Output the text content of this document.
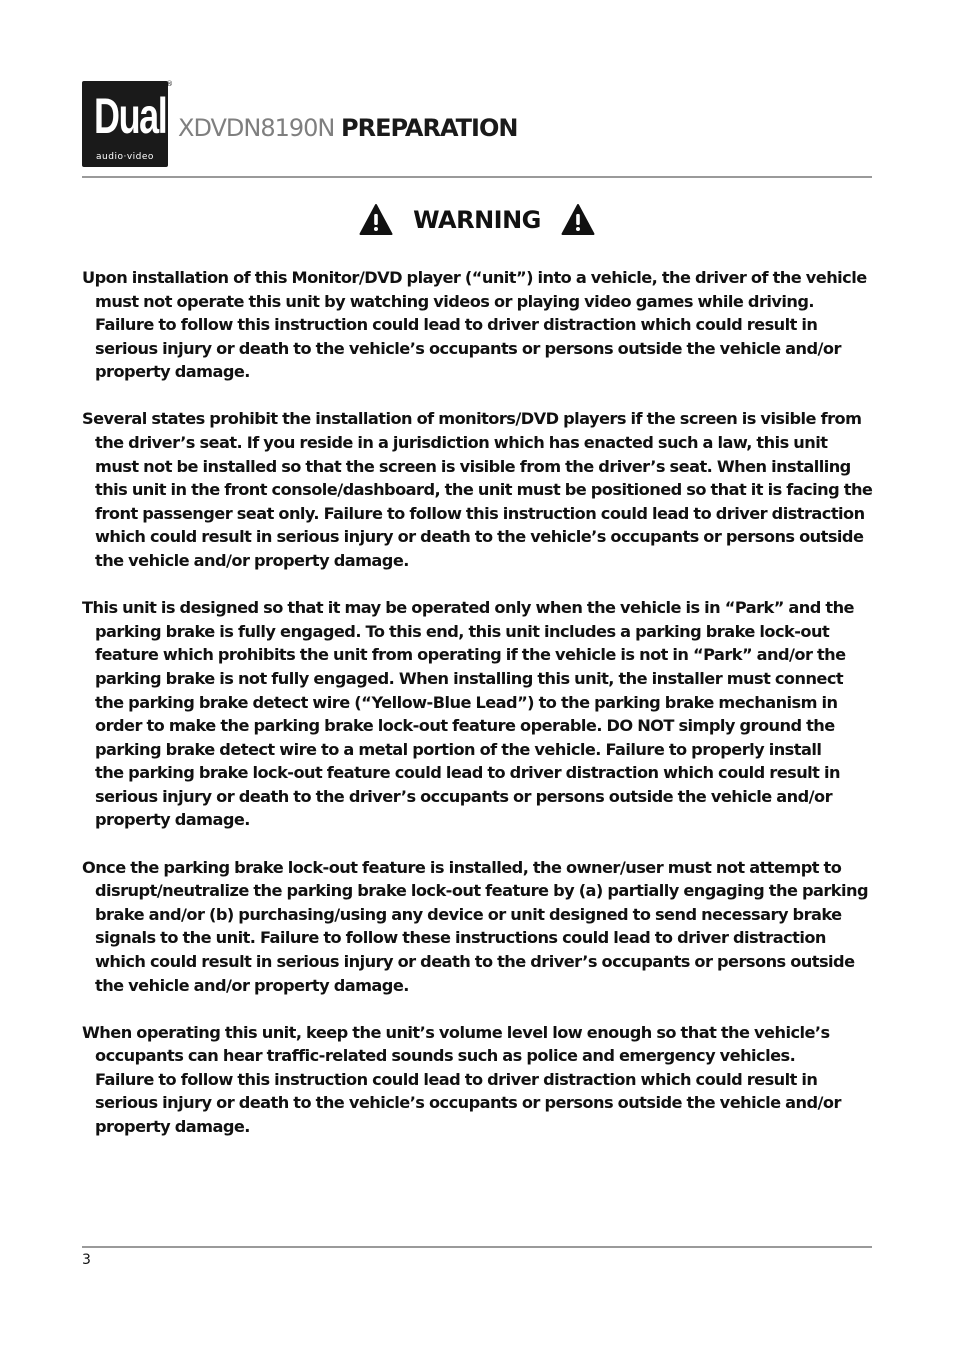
Dual
audio·video
®
XDVDN8190N PREPARATION
WARNING

Upon installation of this Monitor/DVD player (“unit”) into a vehicle, the driver of the vehicle
must not operate this unit by watching videos or playing video games while driving.
Failure to follow this instruction could lead to driver distraction which could result in
serious injury or death to the vehicle’s occupants or persons outside the vehicle and/or
property damage.

Several states prohibit the installation of monitors/DVD players if the screen is visible from
the driver’s seat. If you reside in a jurisdiction which has enacted such a law, this unit
must not be installed so that the screen is visible from the driver’s seat. When installing
this unit in the front console/dashboard, the unit must be positioned so that it is facing the
front passenger seat only. Failure to follow this instruction could lead to driver distraction
which could result in serious injury or death to the vehicle’s occupants or persons outside
the vehicle and/or property damage.

This unit is designed so that it may be operated only when the vehicle is in “Park” and the
parking brake is fully engaged. To this end, this unit includes a parking brake lock-out
feature which prohibits the unit from operating if the vehicle is not in “Park” and/or the
parking brake is not fully engaged. When installing this unit, the installer must connect
the parking brake detect wire (“Yellow-Blue Lead”) to the parking brake mechanism in
order to make the parking brake lock-out feature operable. DO NOT simply ground the
parking brake detect wire to a metal portion of the vehicle. Failure to properly install
the parking brake lock-out feature could lead to driver distraction which could result in
serious injury or death to the driver’s occupants or persons outside the vehicle and/or
property damage.

Once the parking brake lock-out feature is installed, the owner/user must not attempt to
disrupt/neutralize the parking brake lock-out feature by (a) partially engaging the parking
brake and/or (b) purchasing/using any device or unit designed to send necessary brake
signals to the unit. Failure to follow these instructions could lead to driver distraction
which could result in serious injury or death to the driver’s occupants or persons outside
the vehicle and/or property damage.

When operating this unit, keep the unit’s volume level low enough so that the vehicle’s
occupants can hear traffic-related sounds such as police and emergency vehicles.
Failure to follow this instruction could lead to driver distraction which could result in
serious injury or death to the vehicle’s occupants or persons outside the vehicle and/or
property damage.

3
